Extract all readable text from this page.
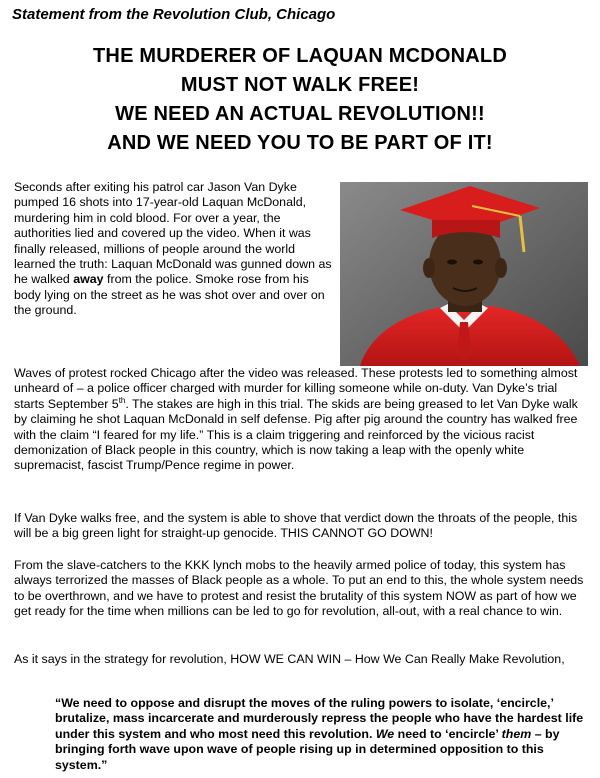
Statement from the Revolution Club, Chicago
THE MURDERER OF LAQUAN MCDONALD
MUST NOT WALK FREE!
WE NEED AN ACTUAL REVOLUTION!!
AND WE NEED YOU TO BE PART OF IT!
Seconds after exiting his patrol car Jason Van Dyke pumped 16 shots into 17-year-old Laquan McDonald, murdering him in cold blood. For over a year, the authorities lied and covered up the video. When it was finally released, millions of people around the world learned the truth: Laquan McDonald was gunned down as he walked away from the police. Smoke rose from his body lying on the street as he was shot over and over on the ground.
Waves of protest rocked Chicago after the video was released. These protests led to something almost unheard of – a police officer charged with murder for killing someone while on-duty. Van Dyke’s trial starts September 5th. The stakes are high in this trial. The skids are being greased to let Van Dyke walk by claiming he shot Laquan McDonald in self defense. Pig after pig around the country has walked free with the claim “I feared for my life.” This is a claim triggering and reinforced by the vicious racist demonization of Black people in this country, which is now taking a leap with the openly white supremacist, fascist Trump/Pence regime in power.
If Van Dyke walks free, and the system is able to shove that verdict down the throats of the people, this will be a big green light for straight-up genocide. THIS CANNOT GO DOWN!
From the slave-catchers to the KKK lynch mobs to the heavily armed police of today, this system has always terrorized the masses of Black people as a whole. To put an end to this, the whole system needs to be overthrown, and we have to protest and resist the brutality of this system NOW as part of how we get ready for the time when millions can be led to go for revolution, all-out, with a real chance to win.
As it says in the strategy for revolution, HOW WE CAN WIN – How We Can Really Make Revolution,
“We need to oppose and disrupt the moves of the ruling powers to isolate, ‘encircle,’ brutalize, mass incarcerate and murderously repress the people who have the hardest life under this system and who most need this revolution. We need to ‘encircle’ them – by bringing forth wave upon wave of people rising up in determined opposition to this system.”
